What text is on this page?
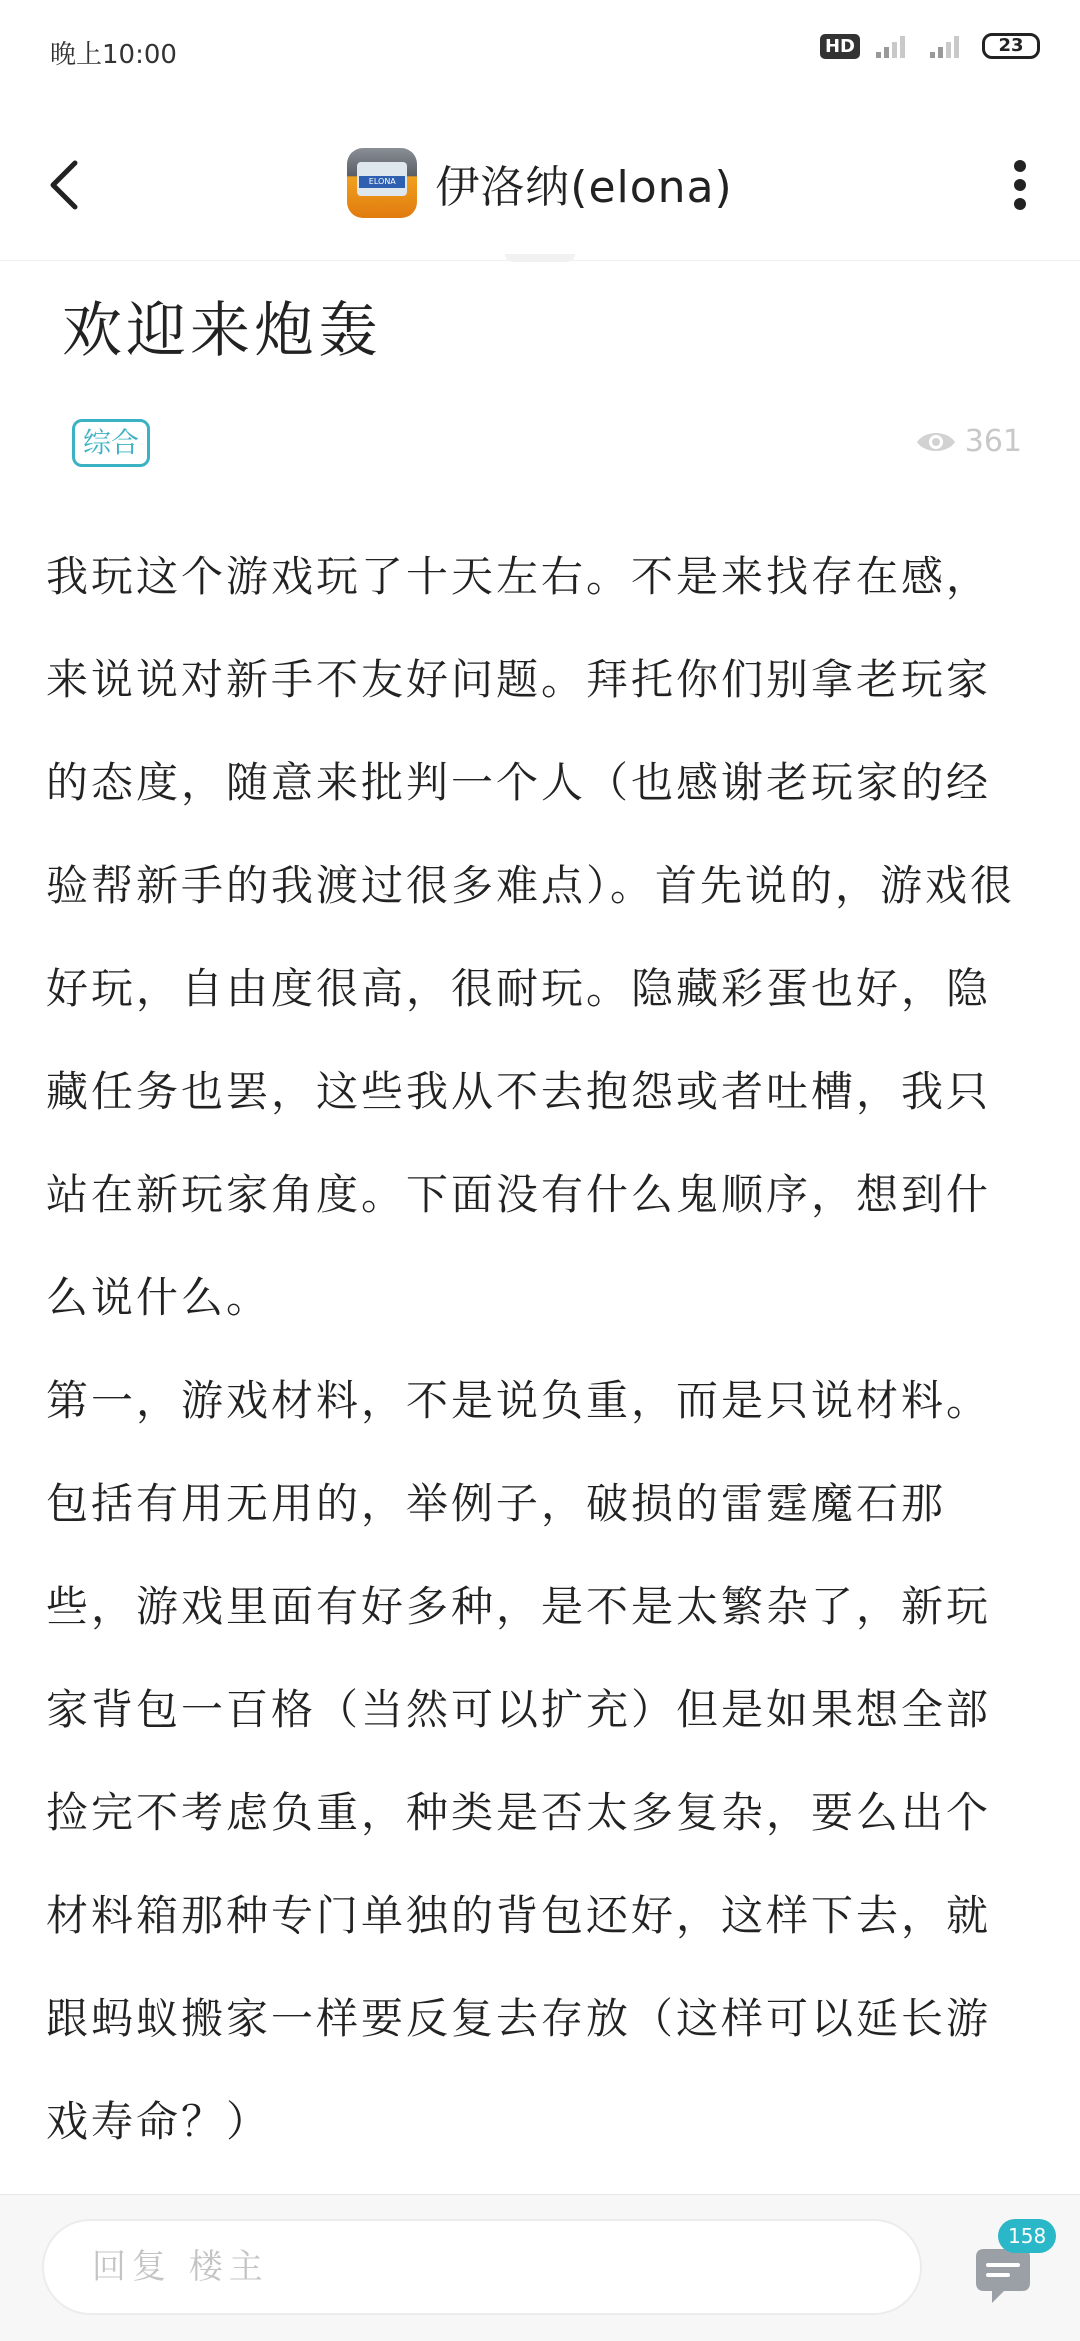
晚上10:00	HD	23
ELONA 伊洛纳(elona)
欢迎来炮轰
综合	361

我玩这个游戏玩了十天左右。不是来找存在感，来说说对新手不友好问题。拜托你们别拿老玩家的态度，随意来批判一个人（也感谢老玩家的经验帮新手的我渡过很多难点）。首先说的，游戏很好玩，自由度很高，很耐玩。隐藏彩蛋也好，隐藏任务也罢，这些我从不去抱怨或者吐槽，我只站在新玩家角度。下面没有什么鬼顺序，想到什么说什么。

第一，游戏材料，不是说负重，而是只说材料。包括有用无用的，举例子，破损的雷霆魔石那些，游戏里面有好多种，是不是太繁杂了，新玩家背包一百格（当然可以扩充）但是如果想全部捡完不考虑负重，种类是否太多复杂，要么出个材料箱那种专门单独的背包还好，这样下去，就跟蚂蚁搬家一样要反复去存放（这样可以延长游戏寿命？）

回复 楼主
158
